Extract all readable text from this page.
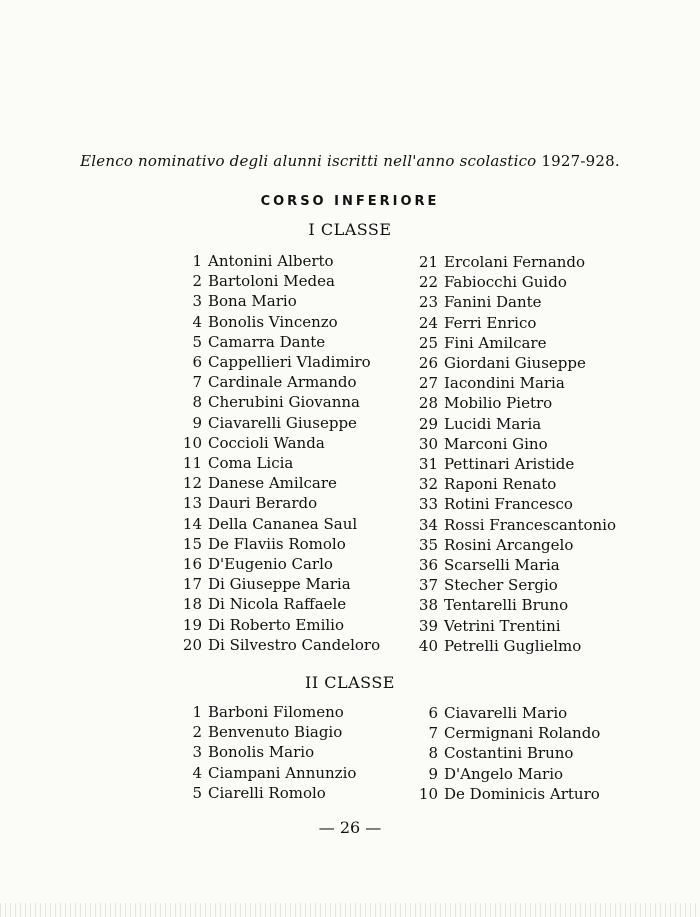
Elenco nominativo degli alunni iscritti nell'anno scolastico 1927-928.
CORSO INFERIORE
I CLASSE
1 Antonini Alberto
2 Bartoloni Medea
3 Bona Mario
4 Bonolis Vincenzo
5 Camarra Dante
6 Cappellieri Vladimiro
7 Cardinale Armando
8 Cherubini Giovanna
9 Ciavarelli Giuseppe
10 Coccioli Wanda
11 Coma Licia
12 Danese Amilcare
13 Dauri Berardo
14 Della Cananea Saul
15 De Flaviis Romolo
16 D'Eugenio Carlo
17 Di Giuseppe Maria
18 Di Nicola Raffaele
19 Di Roberto Emilio
20 Di Silvestro Candeloro
21 Ercolani Fernando
22 Fabiocchi Guido
23 Fanini Dante
24 Ferri Enrico
25 Fini Amilcare
26 Giordani Giuseppe
27 Iacondini Maria
28 Mobilio Pietro
29 Lucidi Maria
30 Marconi Gino
31 Pettinari Aristide
32 Raponi Renato
33 Rotini Francesco
34 Rossi Francescantonio
35 Rosini Arcangelo
36 Scarselli Maria
37 Stecher Sergio
38 Tentarelli Bruno
39 Vetrini Trentini
40 Petrelli Guglielmo
II CLASSE
1 Barboni Filomeno
2 Benvenuto Biagio
3 Bonolis Mario
4 Ciampani Annunzio
5 Ciarelli Romolo
6 Ciavarelli Mario
7 Cermignani Rolando
8 Costantini Bruno
9 D'Angelo Mario
10 De Dominicis Arturo
— 26 —
